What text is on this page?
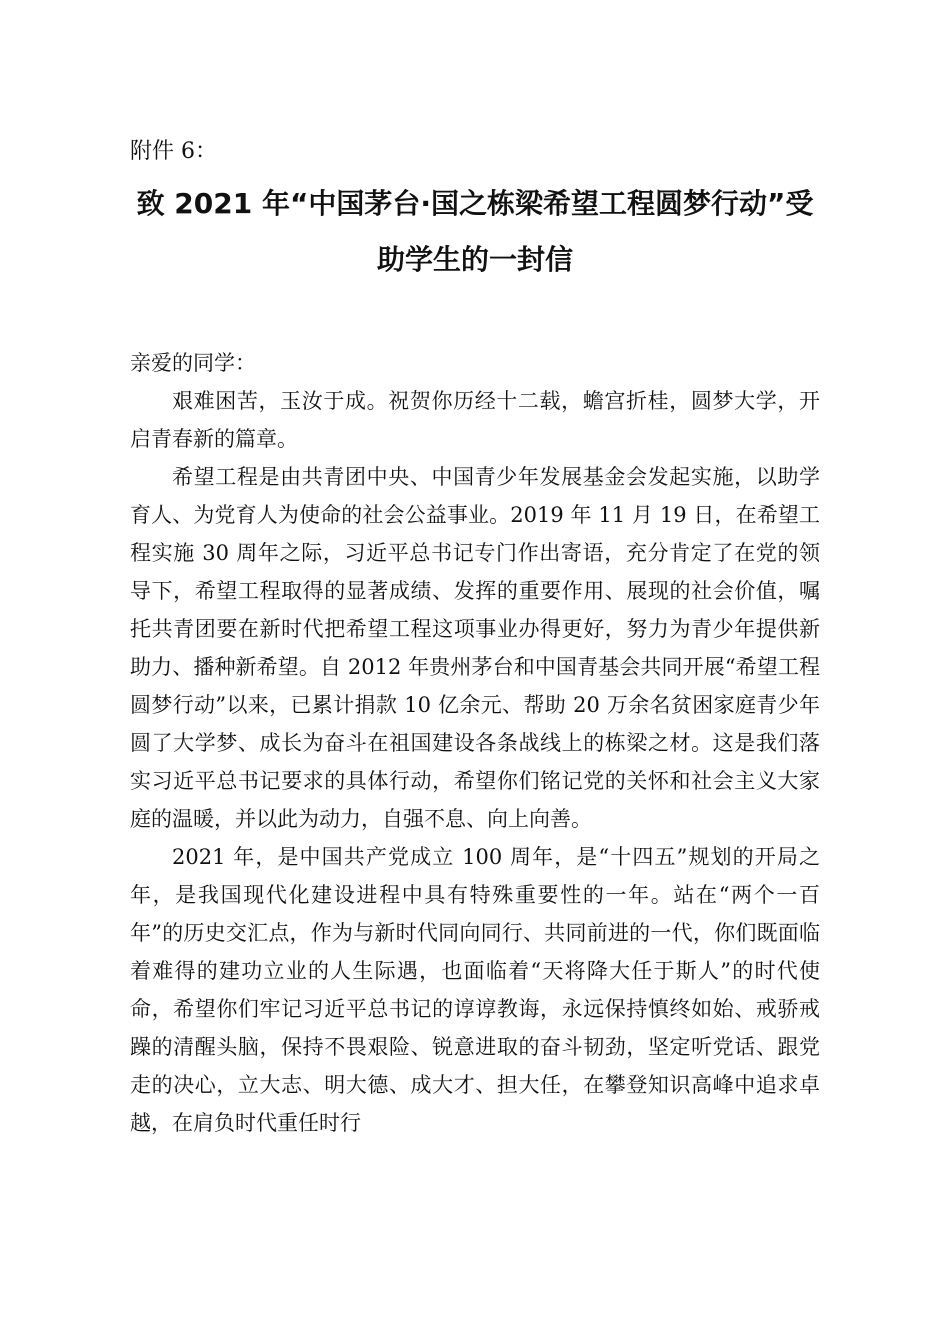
附件 6：

致 2021 年“中国茅台·国之栋梁希望工程圆梦行动”受
助学生的一封信

亲爱的同学：

艰难困苦，玉汝于成。祝贺你历经十二载，蟾宫折桂，圆梦大学，开启青春新的篇章。

希望工程是由共青团中央、中国青少年发展基金会发起实施，以助学育人、为党育人为使命的社会公益事业。2019 年 11 月 19 日，在希望工程实施 30 周年之际，习近平总书记专门作出寄语，充分肯定了在党的领导下，希望工程取得的显著成绩、发挥的重要作用、展现的社会价值，嘱托共青团要在新时代把希望工程这项事业办得更好，努力为青少年提供新助力、播种新希望。自 2012 年贵州茅台和中国青基会共同开展“希望工程圆梦行动”以来，已累计捐款 10 亿余元、帮助 20 万余名贫困家庭青少年圆了大学梦、成长为奋斗在祖国建设各条战线上的栋梁之材。这是我们落实习近平总书记要求的具体行动，希望你们铭记党的关怀和社会主义大家庭的温暖，并以此为动力，自强不息、向上向善。

2021 年，是中国共产党成立 100 周年，是“十四五”规划的开局之年，是我国现代化建设进程中具有特殊重要性的一年。站在“两个一百年”的历史交汇点，作为与新时代同向同行、共同前进的一代，你们既面临着难得的建功立业的人生际遇，也面临着“天将降大任于斯人”的时代使命，希望你们牢记习近平总书记的谆谆教诲，永远保持慎终如始、戒骄戒躁的清醒头脑，保持不畏艰险、锐意进取的奋斗韧劲，坚定听党话、跟党走的决心，立大志、明大德、成大才、担大任，在攀登知识高峰中追求卓越，在肩负时代重任时行
